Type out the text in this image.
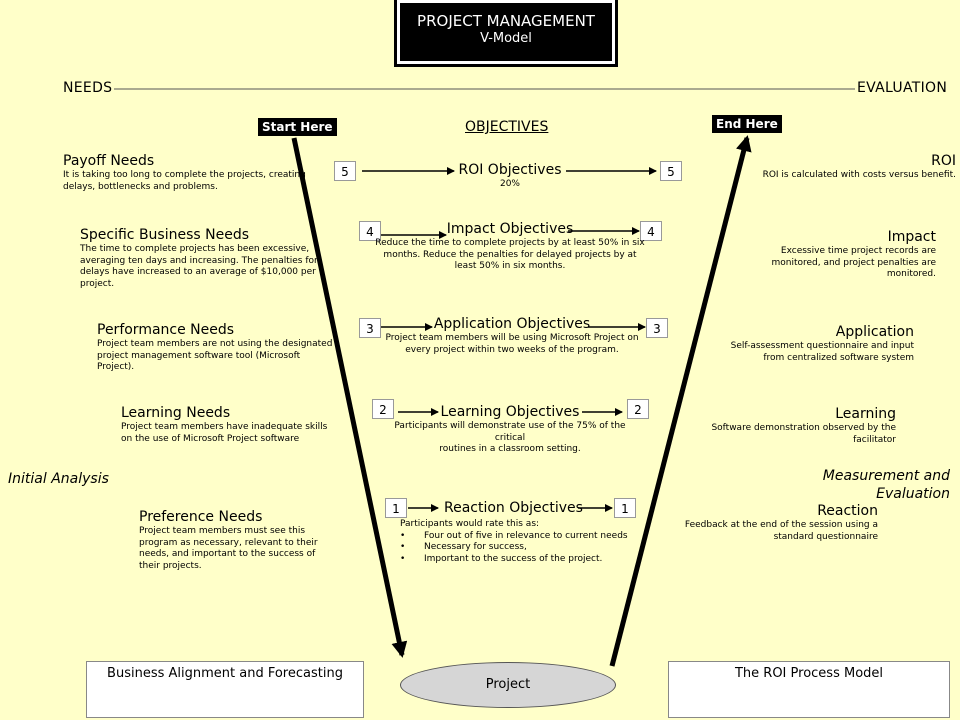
PROJECT MANAGEMENT
V-Model
NEEDS	EVALUATION
Start Here	End Here
OBJECTIVES
Payoff Needs
It is taking too long to complete the projects, creating
delays, bottlenecks and problems.
Specific Business Needs
The time to complete projects has been excessive,
averaging ten days and increasing. The penalties for
delays have increased to an average of $10,000 per
project.
Performance Needs
Project team members are not using the designated
project management software tool (Microsoft
Project).
Learning Needs
Project team members have inadequate skills
on the use of Microsoft Project software
Preference Needs
Project team members must see this
program as necessary, relevant to their
needs, and important to the success of
their projects.
Initial Analysis
5	5
ROI Objectives
20%
4	4
Impact Objectives
Reduce the time to complete projects by at least 50% in six
months. Reduce the penalties for delayed projects by at
least 50% in six months.
3	3
Application Objectives
Project team members will be using Microsoft Project on
every project within two weeks of the program.
2	2
Learning Objectives
Participants will demonstrate use of the 75% of the critical
routines in a classroom setting.
1	1
Reaction Objectives
Participants would rate this as:
• Four out of five in relevance to current needs
• Necessary for success,
• Important to the success of the project.
ROI
ROI is calculated with costs versus benefit.
Impact
Excessive time project records are
monitored, and project penalties are
monitored.
Application
Self-assessment questionnaire and input
from centralized software system
Learning
Software demonstration observed by the
facilitator
Measurement and
Evaluation
Reaction
Feedback at the end of the session using a
standard questionnaire
Business Alignment and Forecasting	The ROI Process Model
Project
